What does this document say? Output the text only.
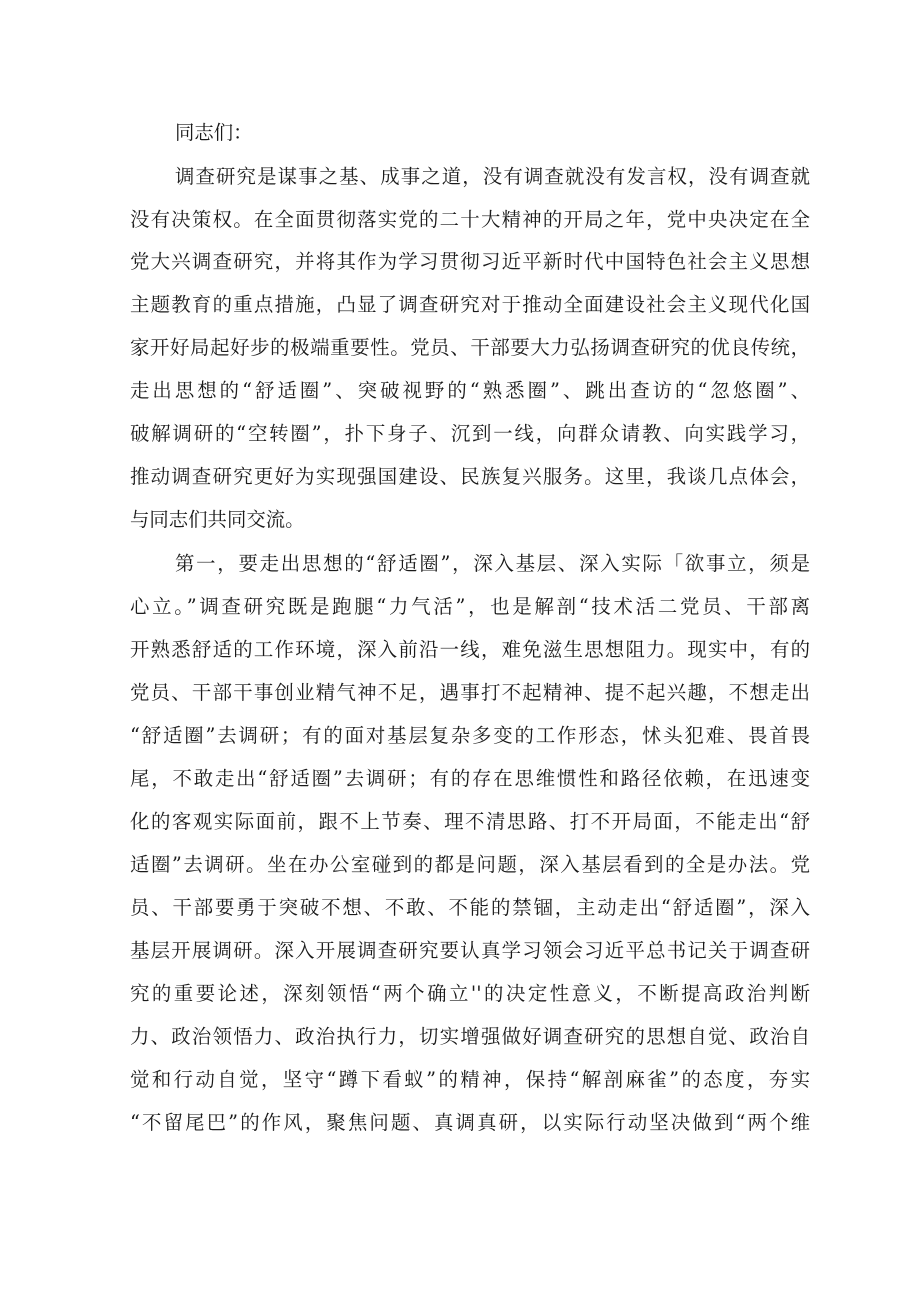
同志们：
调查研究是谋事之基、成事之道，没有调查就没有发言权，没有调查就
没有决策权。在全面贯彻落实党的二十大精神的开局之年，党中央决定在全
党大兴调查研究，并将其作为学习贯彻习近平新时代中国特色社会主义思想
主题教育的重点措施，凸显了调查研究对于推动全面建设社会主义现代化国
家开好局起好步的极端重要性。党员、干部要大力弘扬调查研究的优良传统，
走出思想的“舒适圈”、突破视野的“熟悉圈”、跳出查访的“忽悠圈”、
破解调研的“空转圈”，扑下身子、沉到一线，向群众请教、向实践学习，
推动调查研究更好为实现强国建设、民族复兴服务。这里，我谈几点体会，
与同志们共同交流。
第一，要走出思想的“舒适圈”，深入基层、深入实际「欲事立，须是
心立。”调查研究既是跑腿“力气活”，也是解剖“技术活二党员、干部离
开熟悉舒适的工作环境，深入前沿一线，难免滋生思想阻力。现实中，有的
党员、干部干事创业精气神不足，遇事打不起精神、提不起兴趣，不想走出
“舒适圈”去调研；有的面对基层复杂多变的工作形态，怵头犯难、畏首畏
尾，不敢走出“舒适圈”去调研；有的存在思维惯性和路径依赖，在迅速变
化的客观实际面前，跟不上节奏、理不清思路、打不开局面，不能走出“舒
适圈”去调研。坐在办公室碰到的都是问题，深入基层看到的全是办法。党
员、干部要勇于突破不想、不敢、不能的禁锢，主动走出“舒适圈”，深入
基层开展调研。深入开展调查研究要认真学习领会习近平总书记关于调查研
究的重要论述，深刻领悟“两个确立''的决定性意义，不断提高政治判断
力、政治领悟力、政治执行力，切实增强做好调查研究的思想自觉、政治自
觉和行动自觉，坚守“蹲下看蚁”的精神，保持“解剖麻雀”的态度，夯实
“不留尾巴”的作风，聚焦问题、真调真研，以实际行动坚决做到“两个维
